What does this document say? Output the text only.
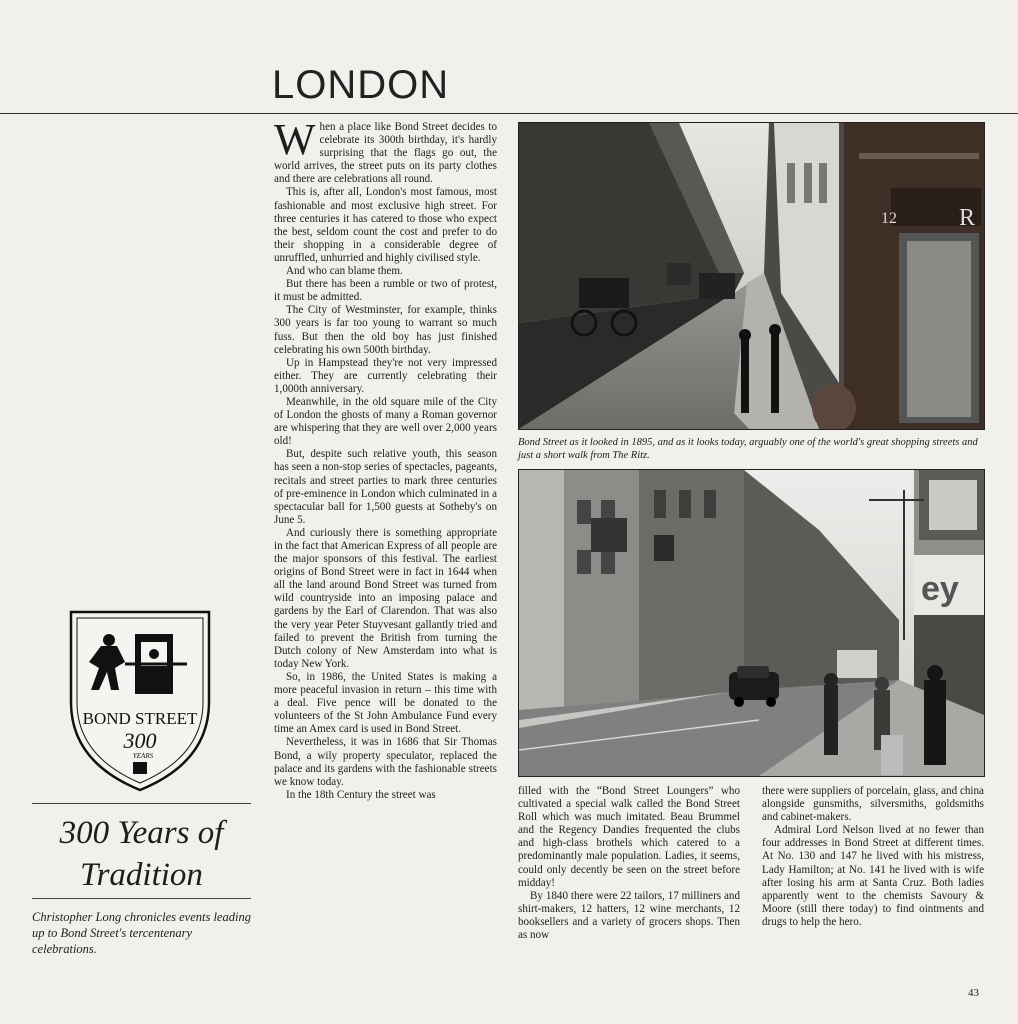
LONDON

When a place like Bond Street decides to celebrate its 300th birthday, it's hardly surprising that the flags go out, the world arrives, the street puts on its party clothes and there are celebrations all round.

This is, after all, London's most famous, most fashionable and most exclusive high street. For three centuries it has catered to those who expect the best, seldom count the cost and prefer to do their shopping in a considerable degree of unruffled, unhurried and highly civilised style.

And who can blame them.

But there has been a rumble or two of protest, it must be admitted.

The City of Westminster, for example, thinks 300 years is far too young to warrant so much fuss. But then the old boy has just finished celebrating his own 500th birthday.

Up in Hampstead they're not very impressed either. They are currently celebrating their 1,000th anniversary.

Meanwhile, in the old square mile of the City of London the ghosts of many a Roman governor are whispering that they are well over 2,000 years old!

But, despite such relative youth, this season has seen a non-stop series of spectacles, pageants, recitals and street parties to mark three centuries of pre-eminence in London which culminated in a spectacular ball for 1,500 guests at Sotheby's on June 5.

And curiously there is something appropriate in the fact that American Express of all people are the major sponsors of this festival. The earliest origins of Bond Street were in fact in 1644 when all the land around Bond Street was turned from wild countryside into an imposing palace and gardens by the Earl of Clarendon. That was also the very year Peter Stuyvesant gallantly tried and failed to prevent the British from turning the Dutch colony of New Amsterdam into what is today New York.

So, in 1986, the United States is making a more peaceful invasion in return – this time with a deal. Five pence will be donated to the volunteers of the St John Ambulance Fund every time an Amex card is used in Bond Street.

Nevertheless, it was in 1686 that Sir Thomas Bond, a wily property speculator, replaced the palace and its gardens with the fashionable streets we know today.

In the 18th Century the street was

12	R
Bond Street as it looked in 1895, and as it looks today, arguably one of the world's great shopping streets and just a short walk from The Ritz.
ey

filled with the “Bond Street Loungers” who cultivated a special walk called the Bond Street Roll which was much imitated. Beau Brummel and the Regency Dandies frequented the clubs and high-class brothels which catered to a predominantly male population. Ladies, it seems, could only decently be seen on the street before midday!

By 1840 there were 22 tailors, 17 milliners and shirt-makers, 12 hatters, 12 wine merchants, 12 booksellers and a variety of grocers shops. Then as now

there were suppliers of porcelain, glass, and china alongside gunsmiths, silversmiths, goldsmiths and cabinet-makers.

Admiral Lord Nelson lived at no fewer than four addresses in Bond Street at different times. At No. 130 and 147 he lived with his mistress, Lady Hamilton; at No. 141 he lived with is wife after losing his arm at Santa Cruz. Both ladies apparently went to the chemists Savoury & Moore (still there today) to find ointments and drugs to help the hero.

BOND STREET
300
YEARS
300 Years of
Tradition
Christopher Long chronicles events leading up to Bond Street's tercentenary celebrations.
43
